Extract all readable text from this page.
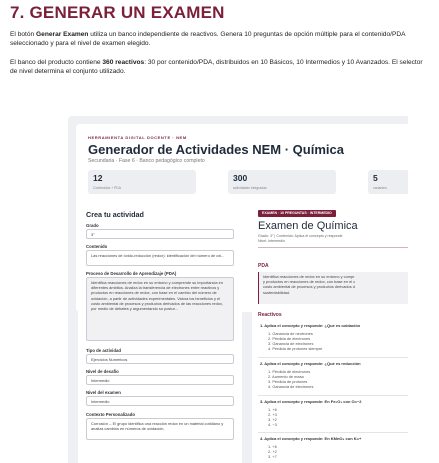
7. GENERAR UN EXAMEN

El botón Generar Examen utiliza un banco independiente de reactivos. Genera 10 preguntas de opción múltiple para el contenido/PDA seleccionado y para el nivel de examen elegido.

El banco del producto contiene 360 reactivos: 30 por contenido/PDA, distribuidos en 10 Básicos, 10 Intermedios y 10 Avanzados. El selector de nivel determina el conjunto utilizado.

HERRAMIENTA DIGITAL DOCENTE · NEM
Generador de Actividades NEM · Química
Secundaria · Fase 6 · Banco pedagógico completo
12
Contenidos + PDA
300
actividades integradas
5
variantes
Crea tu actividad
Grado
3°
Contenido
Las reacciones de óxido-reducción (redox): identificación del número de oxi...
Proceso de Desarrollo de Aprendizaje (PDA)
Identifica reacciones de redox en su entorno y comprende su importancia en diferentes ámbitos. Analiza la transferencia de electrones entre reactivos y productos en reacciones de redox, con base en el cambio del número de oxidación, a partir de actividades experimentales. Valora los beneficios y el costo ambiental de procesos y productos derivados de las reacciones redox, por medio de debates y argumentando su postur...
Tipo de actividad
Ejercicios Numéricos
Nivel de desafío
Intermedio
Nivel del examen
Intermedio
Contexto Personalizado
Corrosión -- El grupo identifica una reacción redox en un material cotidiano y analiza cambios en números de oxidación.
EXAMEN · 10 PREGUNTAS · INTERMEDIO
Examen de Química
Grado: 3° | Contenido: Aplica el concepto y responde
Nivel: Intermedio
PDA
Identifica reacciones de redox en su entorno y compr
y productos en reacciones de redox, con base en el c
costo ambiental de procesos y productos derivados d
sustentabilidad.
Reactivos
1. Aplica el concepto y responde: ¿Qué es oxidación
1. Ganancia de neutrones
2. Pérdida de electrones
3. Ganancia de electrones
4. Pérdida de protones siempre
2. Aplica el concepto y responde: ¿Qué es reducción
1. Pérdida de electrones
2. Aumento de masa
3. Pérdida de protones
4. Ganancia de electrones
3. Aplica el concepto y responde: En Fe₂O₃ con O=−2
1. +6
2. +3
3. +2
4. −3
4. Aplica el concepto y responde: En KMnO₄ con K=+
1. +6
2. +2
3. +7
